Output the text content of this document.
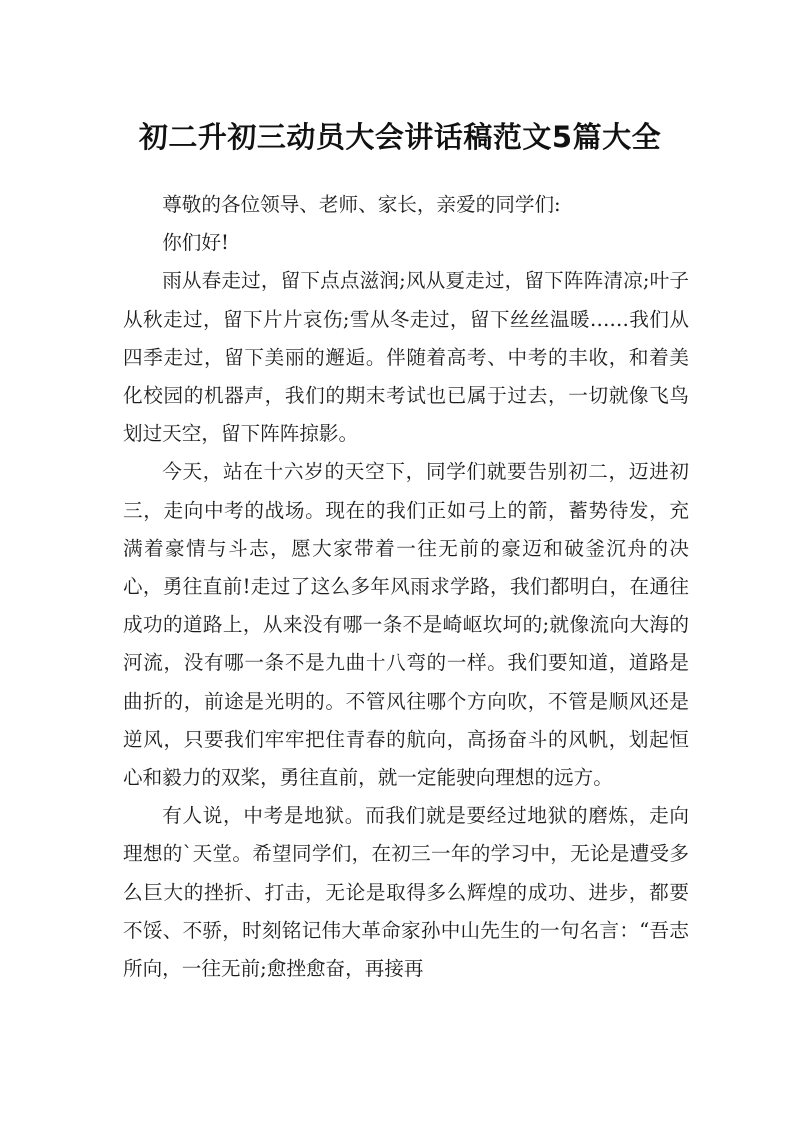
初二升初三动员大会讲话稿范文5篇大全

尊敬的各位领导、老师、家长，亲爱的同学们:

你们好!

雨从春走过，留下点点滋润;风从夏走过，留下阵阵清凉;叶子从秋走过，留下片片哀伤;雪从冬走过，留下丝丝温暖……我们从四季走过，留下美丽的邂逅。伴随着高考、中考的丰收，和着美化校园的机器声，我们的期末考试也已属于过去，一切就像飞鸟划过天空，留下阵阵掠影。

今天，站在十六岁的天空下，同学们就要告别初二，迈进初三，走向中考的战场。现在的我们正如弓上的箭，蓄势待发，充满着豪情与斗志，愿大家带着一往无前的豪迈和破釜沉舟的决心，勇往直前!走过了这么多年风雨求学路，我们都明白，在通往成功的道路上，从来没有哪一条不是崎岖坎坷的;就像流向大海的河流，没有哪一条不是九曲十八弯的一样。我们要知道，道路是曲折的，前途是光明的。不管风往哪个方向吹，不管是顺风还是逆风，只要我们牢牢把住青春的航向，高扬奋斗的风帆，划起恒心和毅力的双桨，勇往直前，就一定能驶向理想的远方。

有人说，中考是地狱。而我们就是要经过地狱的磨炼，走向理想的`天堂。希望同学们，在初三一年的学习中，无论是遭受多么巨大的挫折、打击，无论是取得多么辉煌的成功、进步，都要不馁、不骄，时刻铭记伟大革命家孙中山先生的一句名言：“吾志所向，一往无前;愈挫愈奋，再接再
